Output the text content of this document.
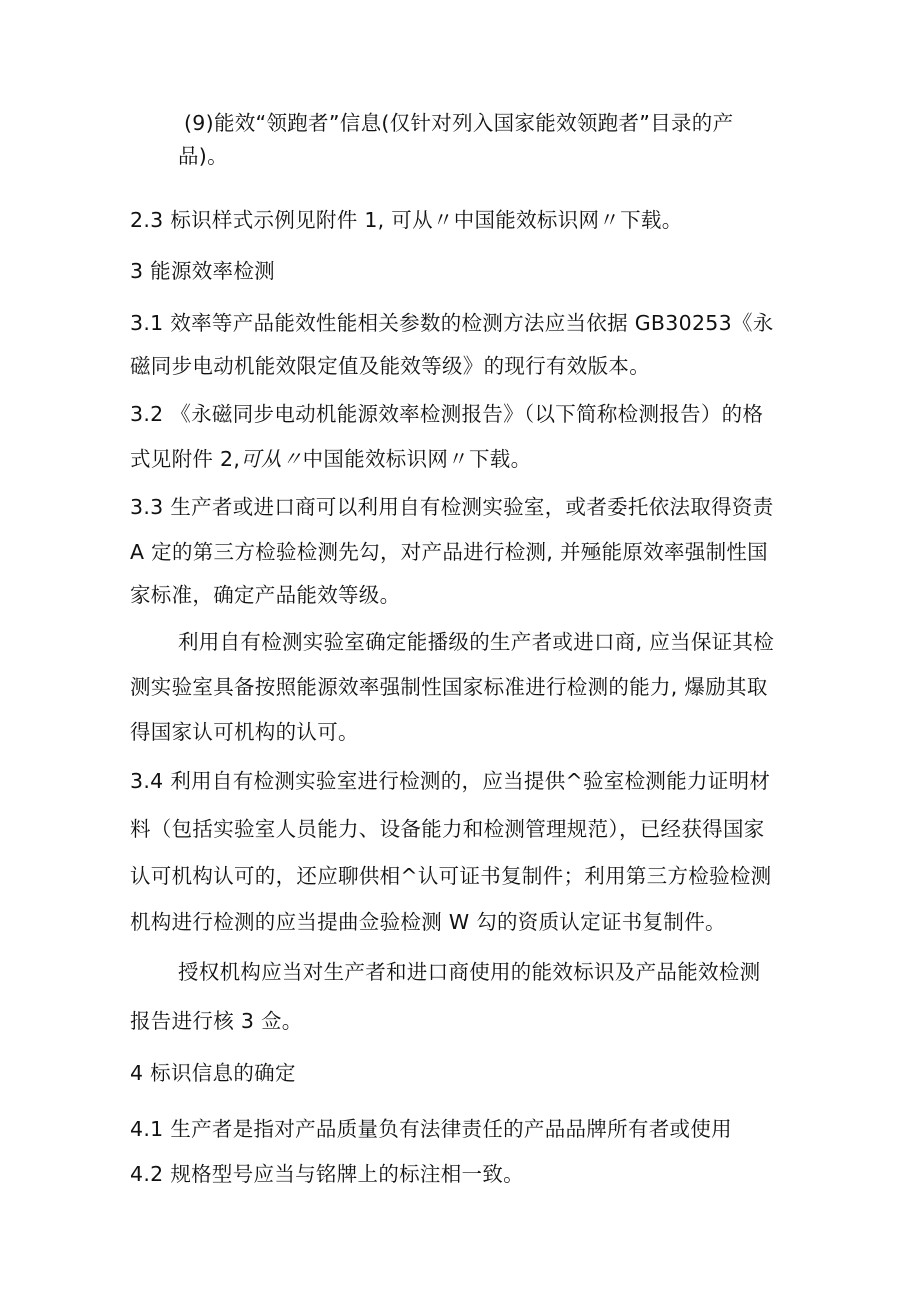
(9)能效“领跑者”信息(仅针对列入国家能效领跑者”目录的产
品)。
2.3 标识样式示例见附件 1, 可从〃中国能效标识网〃下载。
3 能源效率检测
3.1 效率等产品能效性能相关参数的检测方法应当依据 GB30253《永
磁同步电动机能效限定值及能效等级》的现行有效版本。
3.2 《永磁同步电动机能源效率检测报告》（以下简称检测报告）的格
式见附件 2,可从〃中国能效标识网〃下载。
3.3 生产者或进口商可以利用自有检测实验室，或者委托依法取得资责
A 定的第三方检验检测先勾，对产品进行检测, 并殛能原效率强制性国
家标准，确定产品能效等级。
利用自有检测实验室确定能播级的生产者或进口商, 应当保证其检
测实验室具备按照能源效率强制性国家标准进行检测的能力, 爆励其取
得国家认可机构的认可。
3.4 利用自有检测实验室进行检测的，应当提供^验室检测能力证明材
料（包括实验室人员能力、设备能力和检测管理规范），已经获得国家
认可机构认可的，还应聊供相^认可证书复制件；利用第三方检验检测
机构进行检测的应当提曲佥验检测 W 勾的资质认定证书复制件。
授权机构应当对生产者和进口商使用的能效标识及产品能效检测
报告进行核 3 佥。
4 标识信息的确定
4.1 生产者是指对产品质量负有法律责任的产品品牌所有者或使用
4.2 规格型号应当与铭牌上的标注相一致。
